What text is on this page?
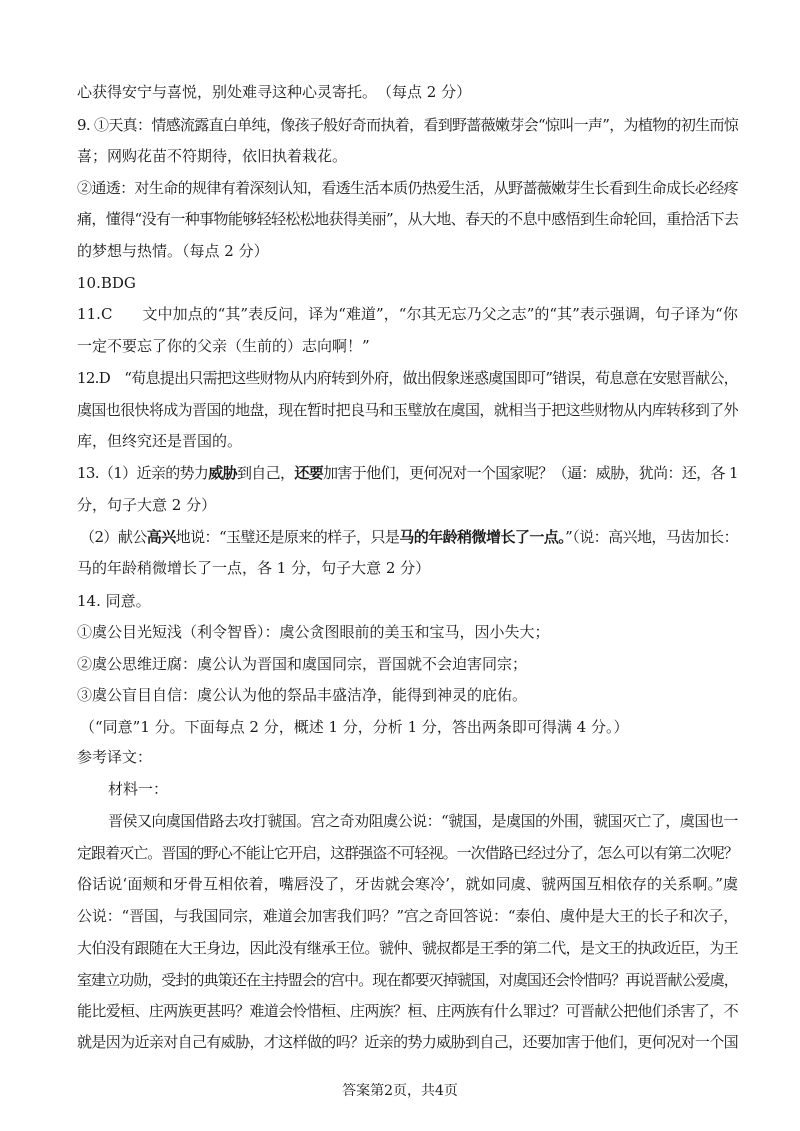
心获得安宁与喜悦，别处难寻这种心灵寄托。　（每点 2 分）
9. ①天真：情感流露直白单纯，像孩子般好奇而执着，看到野蔷薇嫩芽会“惊叫一声”，为植物的初生而惊
喜；网购花苗不符期待，依旧执着栽花。
②通透：对生命的规律有着深刻认知，看透生活本质仍热爱生活，从野蔷薇嫩芽生长看到生命成长必经疼
痛，懂得“没有一种事物能够轻轻松松地获得美丽”，从大地、春天的不息中感悟到生命轮回，重拾活下去
的梦想与热情。（每点 2 分）
10.BDG
11.C　　文中加点的“其”表反问，译为“难道”，“尔其无忘乃父之志”的“其”表示强调，句子译为“你
一定不要忘了你的父亲（生前的）志向啊！”
12.D　“荀息提出只需把这些财物从内府转到外府，做出假象迷惑虞国即可”错误，荀息意在安慰晋献公，
虞国也很快将成为晋国的地盘，现在暂时把良马和玉璧放在虞国，就相当于把这些财物从内库转移到了外
库，但终究还是晋国的。
13.（1）近亲的势力威胁到自己，还要加害于他们，更何况对一个国家呢？（逼：威胁，犹尚：还，各 1
分，句子大意 2 分）
（2）献公高兴地说：“玉璧还是原来的样子，只是马的年龄稍微增长了一点。”（说：高兴地，马齿加长：
马的年龄稍微增长了一点，各 1 分，句子大意 2 分）
14. 同意。
①虞公目光短浅（利令智昏）：虞公贪图眼前的美玉和宝马，因小失大；
②虞公思维迂腐：虞公认为晋国和虞国同宗，晋国就不会迫害同宗；
③虞公盲目自信：虞公认为他的祭品丰盛洁净，能得到神灵的庇佑。
（“同意”1 分。下面每点 2 分，概述 1 分，分析 1 分，答出两条即可得满 4 分。）
参考译文：
材料一：
晋侯又向虞国借路去攻打虢国。宫之奇劝阻虞公说：“虢国，是虞国的外围，虢国灭亡了，虞国也一
定跟着灭亡。晋国的野心不能让它开启，这群强盗不可轻视。一次借路已经过分了，怎么可以有第二次呢？
俗话说‘面颊和牙骨互相依着，嘴唇没了，牙齿就会寒冷’，就如同虞、虢两国互相依存的关系啊。”虞
公说：“晋国，与我国同宗，难道会加害我们吗？”宫之奇回答说：“泰伯、虞仲是大王的长子和次子，
大伯没有跟随在大王身边，因此没有继承王位。虢仲、虢叔都是王季的第二代，是文王的执政近臣，为王
室建立功勋，受封的典策还在主持盟会的宫中。现在都要灭掉虢国，对虞国还会怜惜吗？再说晋献公爱虞，
能比爱桓、庄两族更甚吗？难道会怜惜桓、庄两族？桓、庄两族有什么罪过？可晋献公把他们杀害了，不
就是因为近亲对自己有威胁，才这样做的吗？近亲的势力威胁到自己，还要加害于他们，更何况对一个国
答案第2页，共4页
